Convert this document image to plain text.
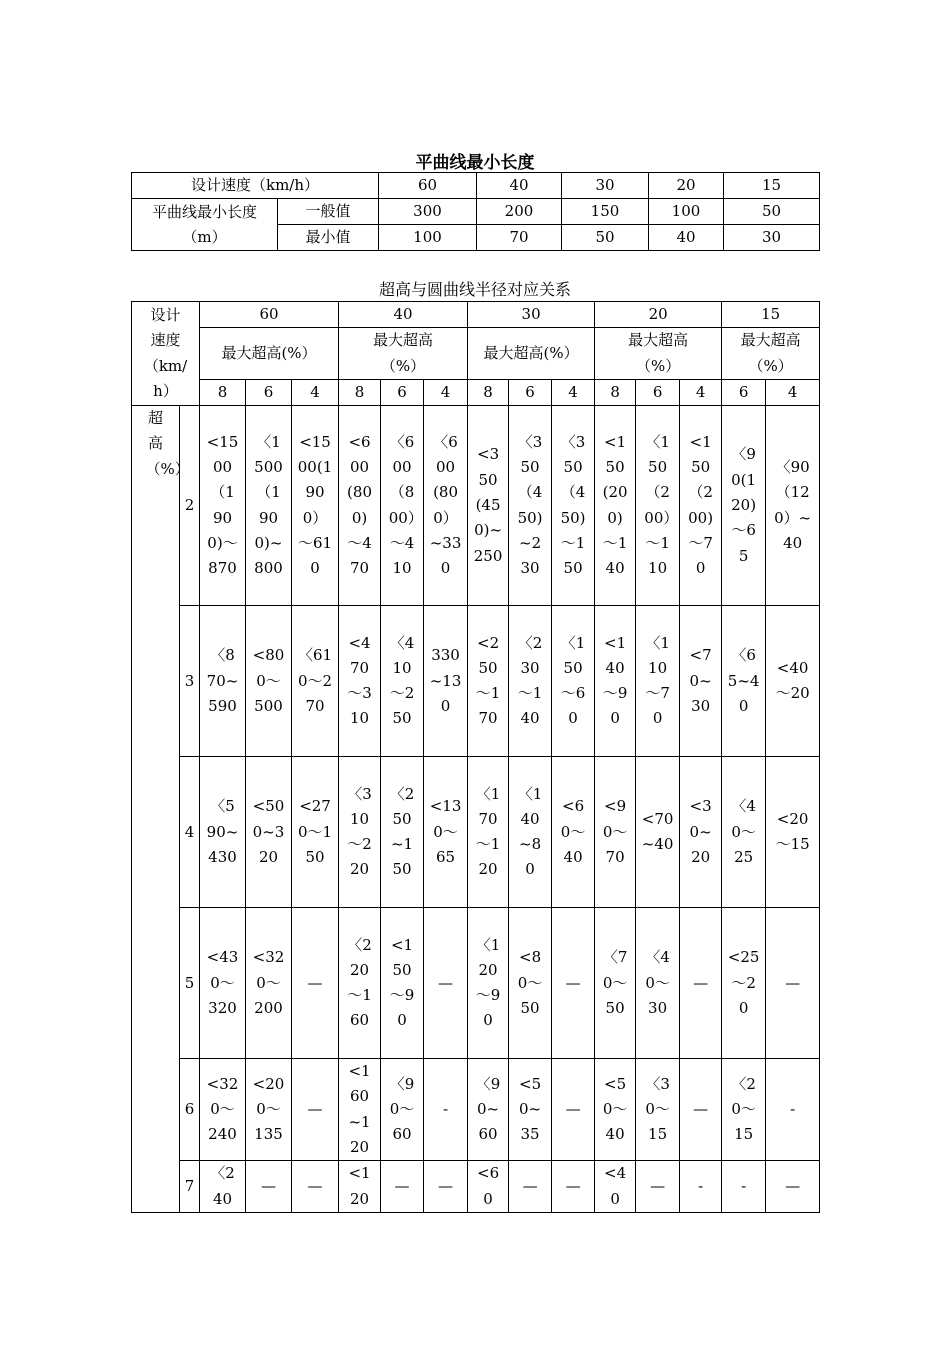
平曲线最小长度
设计速度（km/h）		60	40	30	20	15

平曲线最小长度
（m）	一般值	300	200	150	100	50
	最小值	100	70	50	40	30
超高与圆曲线半径对应关系
设计速度（km/h）		60			40			30			20			15	
		最大超高(%）			最大超高（%）			最大超高(%）			最大超高（%）			最大超高（%）	

		8	6	4	8	6	4	8	6	4	8	6	4	6	4

超高（%）	2	<1500（1900)～870	〈1500（1900)~800	<1500(1900）～610	<600(800)～470	〈600（800）～410	〈600(800）~330	<350(450)~250	〈350（450)~230	〈350（450)～150	<150(200)～140	〈150（200）～110	<150（200)～70	〈90(120)～65	〈90（120）~40

	3	〈870~590	<800～500	〈610～270	<470～310	〈410～250	330~130	<250～170	〈230～140	〈150～60	<140～90	〈110～70	<70~30	〈65~40	<40～20

	4	〈590~430	<500~320	<270～150	〈310～220	〈250~150	<130～65	〈170～120	〈140~80	<60～40	<90～70	<70~40	<30~20	〈40～25	<20～15

	5	<430～320	<320～200	—	〈220～160	<150～90	—	〈120～90	<80～50	—	〈70～50	〈40～30	—	<25～20	—

	6	<320～240	<200～135	—	<160~120	〈90～60	-	〈90~60	<50~35	—	<50～40	〈30～15	—	〈20～15	-

	7	〈240	—	—	<120	—	—	<60	—	—	<40	—	-	-	—
